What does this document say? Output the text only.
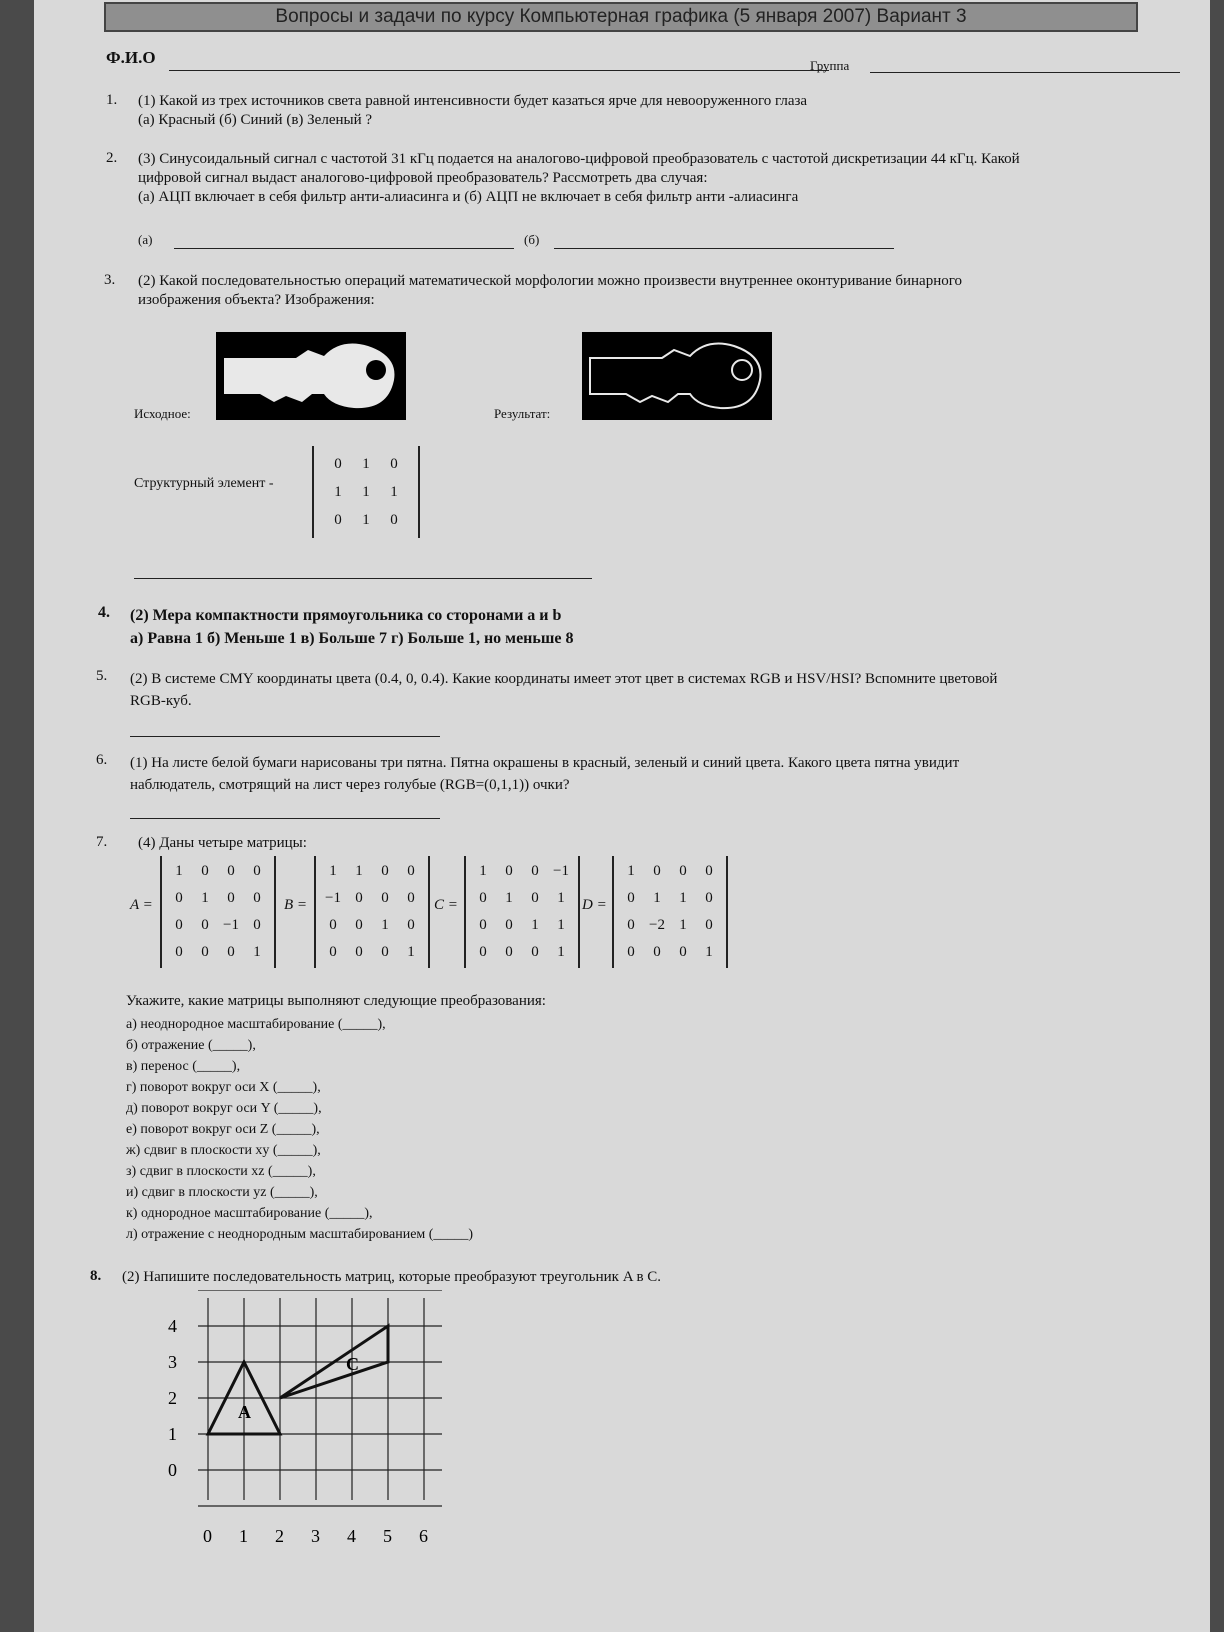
Вопросы и задачи по курсу Компьютерная графика (5 января 2007) Вариант 3
Ф.И.О	Группа
1. (1) Какой из трех источников света равной интенсивности будет казаться ярче для невооруженного глаза
(а) Красный (б) Синий (в) Зеленый ?
2. (3) Синусоидальный сигнал с частотой 31 кГц подается на аналогово-цифровой преобразователь с частотой дискретизации 44 кГц. Какой
цифровой сигнал выдаст аналогово-цифровой преобразователь? Рассмотреть два случая:
(а) АЦП включает в себя фильтр анти-алиасинга и (б) АЦП не включает в себя фильтр анти -алиасинга
(а)	(б)
3. (2) Какой последовательностью операций математической морфологии можно произвести внутреннее оконтуривание бинарного
изображения объекта? Изображения:
Исходное:	Результат:
Структурный элемент -
0	1	0
1	1	1
0	1	0
4. (2) Мера компактности прямоугольника со сторонами a и b
a) Равна 1 б) Меньше 1 в) Больше 7 г) Больше 1, но меньше 8
5. (2) В системе CMY координаты цвета (0.4, 0, 0.4). Какие координаты имеет этот цвет в системах RGB и HSV/HSI? Вспомните цветовой
RGB-куб.
6. (1) На листе белой бумаги нарисованы три пятна. Пятна окрашены в красный, зеленый и синий цвета. Какого цвета пятна увидит
наблюдатель, смотрящий на лист через голубые (RGB=(0,1,1)) очки?
7. (4) Даны четыре матрицы:
A =
1	0	0	0
0	1	0	0
0	0	−1	0
0	0	0	1
B =
1	1	0	0
−1	0	0	0
0	0	1	0
0	0	0	1
C =
1	0	0	−1
0	1	0	1
0	0	1	1
0	0	0	1
D =
1	0	0	0
0	1	1	0
0	−2	1	0
0	0	0	1
Укажите, какие матрицы выполняют следующие преобразования:
а) неоднородное масштабирование (_____),
б) отражение (_____),
в) перенос (_____),
г) поворот вокруг оси X (_____),
д) поворот вокруг оси Y (_____),
е) поворот вокруг оси Z (_____),
ж) сдвиг в плоскости xy (_____),
з) сдвиг в плоскости xz (_____),
и) сдвиг в плоскости yz (_____),
к) однородное масштабирование (_____),
л) отражение с неоднородным масштабированием (_____)
8. (2) Напишите последовательность матриц, которые преобразуют треугольник A в C.
0 1 2 3 4 5 6
0
1
2
3
4
A
C
